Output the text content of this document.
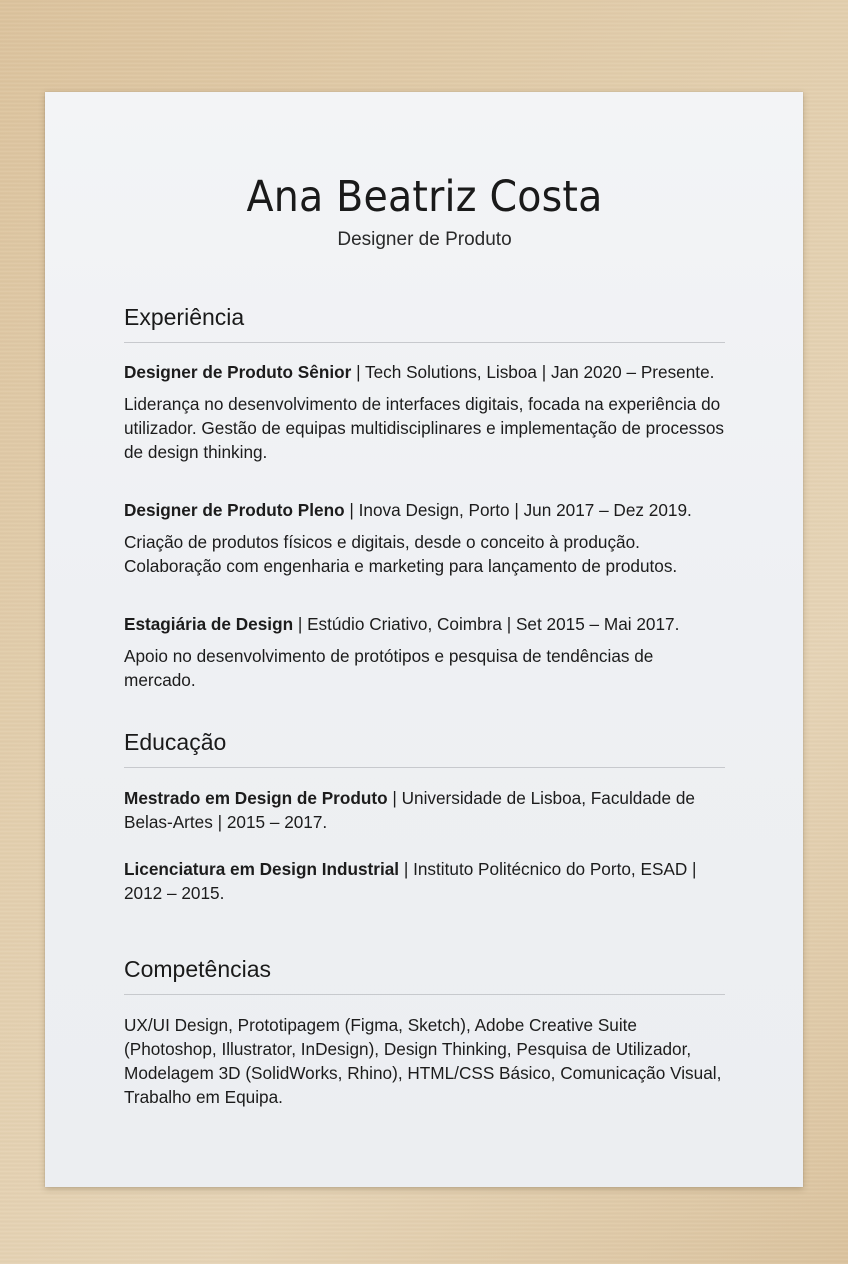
Ana Beatriz Costa
Designer de Produto
Experiência
Designer de Produto Sênior | Tech Solutions, Lisboa | Jan 2020 – Presente.
Liderança no desenvolvimento de interfaces digitais, focada na experiência do utilizador. Gestão de equipas multidisciplinares e implementação de processos de design thinking.
Designer de Produto Pleno | Inova Design, Porto | Jun 2017 – Dez 2019.
Criação de produtos físicos e digitais, desde o conceito à produção. Colaboração com engenharia e marketing para lançamento de produtos.
Estagiária de Design | Estúdio Criativo, Coimbra | Set 2015 – Mai 2017.
Apoio no desenvolvimento de protótipos e pesquisa de tendências de mercado.
Educação
Mestrado em Design de Produto | Universidade de Lisboa, Faculdade de Belas-Artes | 2015 – 2017.
Licenciatura em Design Industrial | Instituto Politécnico do Porto, ESAD | 2012 – 2015.
Competências
UX/UI Design, Prototipagem (Figma, Sketch), Adobe Creative Suite (Photoshop, Illustrator, InDesign), Design Thinking, Pesquisa de Utilizador, Modelagem 3D (SolidWorks, Rhino), HTML/CSS Básico, Comunicação Visual, Trabalho em Equipa.
